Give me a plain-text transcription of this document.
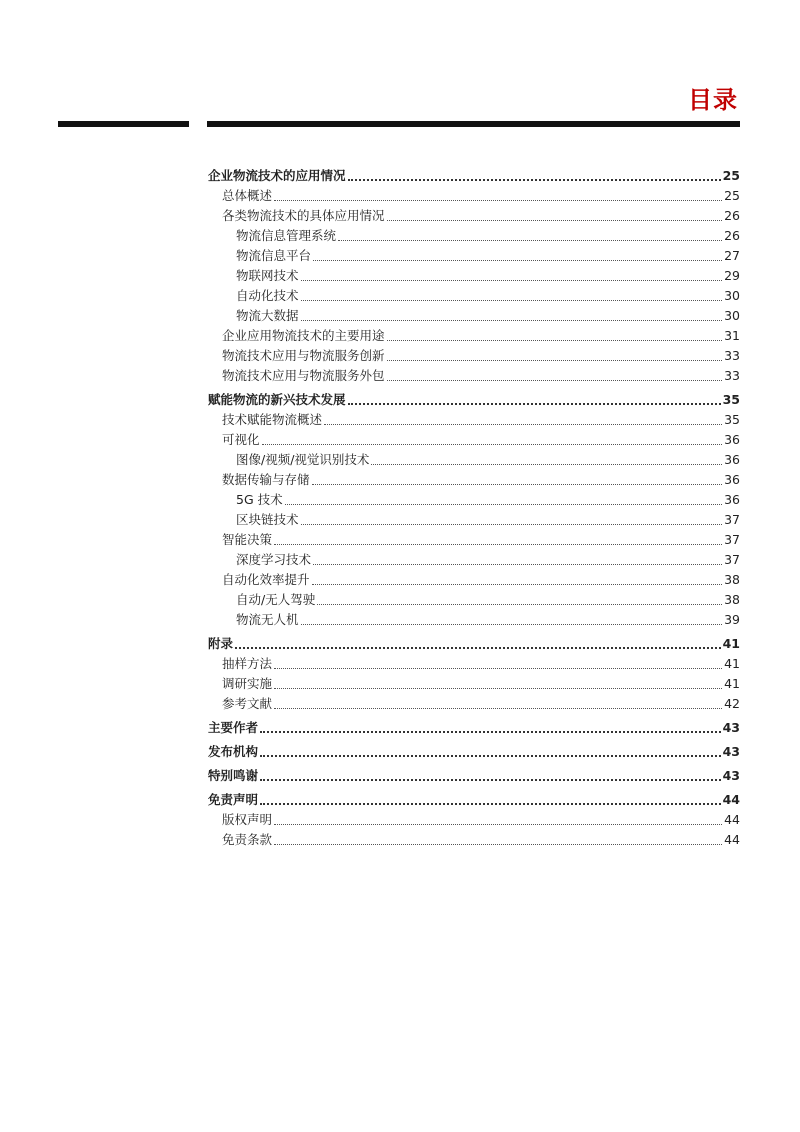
目录
企业物流技术的应用情况	25
总体概述	25
各类物流技术的具体应用情况	26
物流信息管理系统	26
物流信息平台	27
物联网技术	29
自动化技术	30
物流大数据	30
企业应用物流技术的主要用途	31
物流技术应用与物流服务创新	33
物流技术应用与物流服务外包	33
赋能物流的新兴技术发展	35
技术赋能物流概述	35
可视化	36
图像/视频/视觉识别技术	36
数据传输与存储	36
5G 技术	36
区块链技术	37
智能决策	37
深度学习技术	37
自动化效率提升	38
自动/无人驾驶	38
物流无人机	39
附录	41
抽样方法	41
调研实施	41
参考文献	42
主要作者	43
发布机构	43
特别鸣谢	43
免责声明	44
版权声明	44
免责条款	44
